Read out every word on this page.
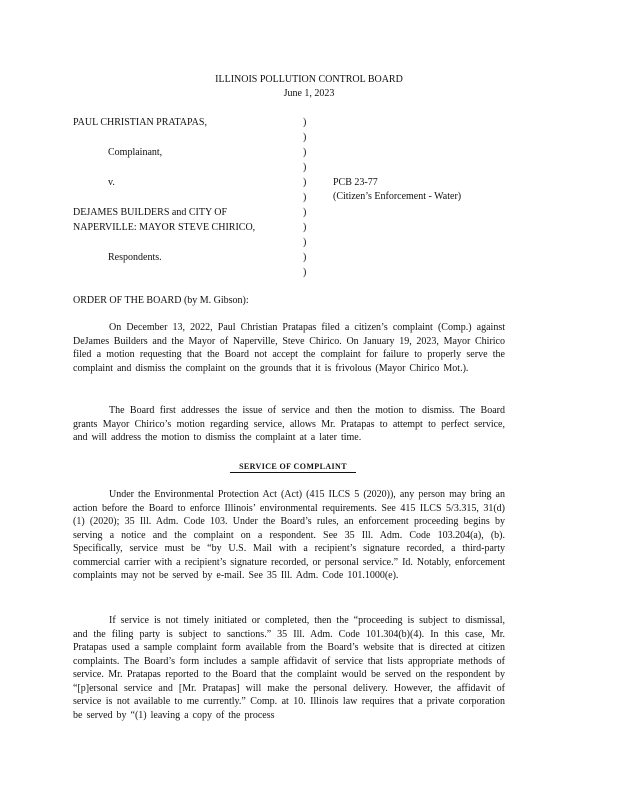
ILLINOIS POLLUTION CONTROL BOARD
June 1, 2023
PAUL CHRISTIAN PRATAPAS,
Complainant,
v.
DEJAMES BUILDERS and CITY OF
NAPERVILLE: MAYOR STEVE CHIRICO,
Respondents.
PCB 23-77
(Citizen’s Enforcement - Water)
)
)
)
)
)
)
)
)
)
)
)
ORDER OF THE BOARD (by M. Gibson):
On December 13, 2022, Paul Christian Pratapas filed a citizen’s complaint (Comp.) against DeJames Builders and the Mayor of Naperville, Steve Chirico. On January 19, 2023, Mayor Chirico filed a motion requesting that the Board not accept the complaint for failure to properly serve the complaint and dismiss the complaint on the grounds that it is frivolous (Mayor Chirico Mot.).
The Board first addresses the issue of service and then the motion to dismiss. The Board grants Mayor Chirico’s motion regarding service, allows Mr. Pratapas to attempt to perfect service, and will address the motion to dismiss the complaint at a later time.
SERVICE OF COMPLAINT
Under the Environmental Protection Act (Act) (415 ILCS 5 (2020)), any person may bring an action before the Board to enforce Illinois’ environmental requirements. See 415 ILCS 5/3.315, 31(d)(1) (2020); 35 Ill. Adm. Code 103. Under the Board’s rules, an enforcement proceeding begins by serving a notice and the complaint on a respondent. See 35 Ill. Adm. Code 103.204(a), (b). Specifically, service must be “by U.S. Mail with a recipient’s signature recorded, a third-party commercial carrier with a recipient’s signature recorded, or personal service.” Id. Notably, enforcement complaints may not be served by e-mail. See 35 Ill. Adm. Code 101.1000(e).
If service is not timely initiated or completed, then the “proceeding is subject to dismissal, and the filing party is subject to sanctions.” 35 Ill. Adm. Code 101.304(b)(4). In this case, Mr. Pratapas used a sample complaint form available from the Board’s website that is directed at citizen complaints. The Board’s form includes a sample affidavit of service that lists appropriate methods of service. Mr. Pratapas reported to the Board that the complaint would be served on the respondent by “[p]ersonal service and [Mr. Pratapas] will make the personal delivery. However, the affidavit of service is not available to me currently.” Comp. at 10. Illinois law requires that a private corporation be served by “(1) leaving a copy of the process
